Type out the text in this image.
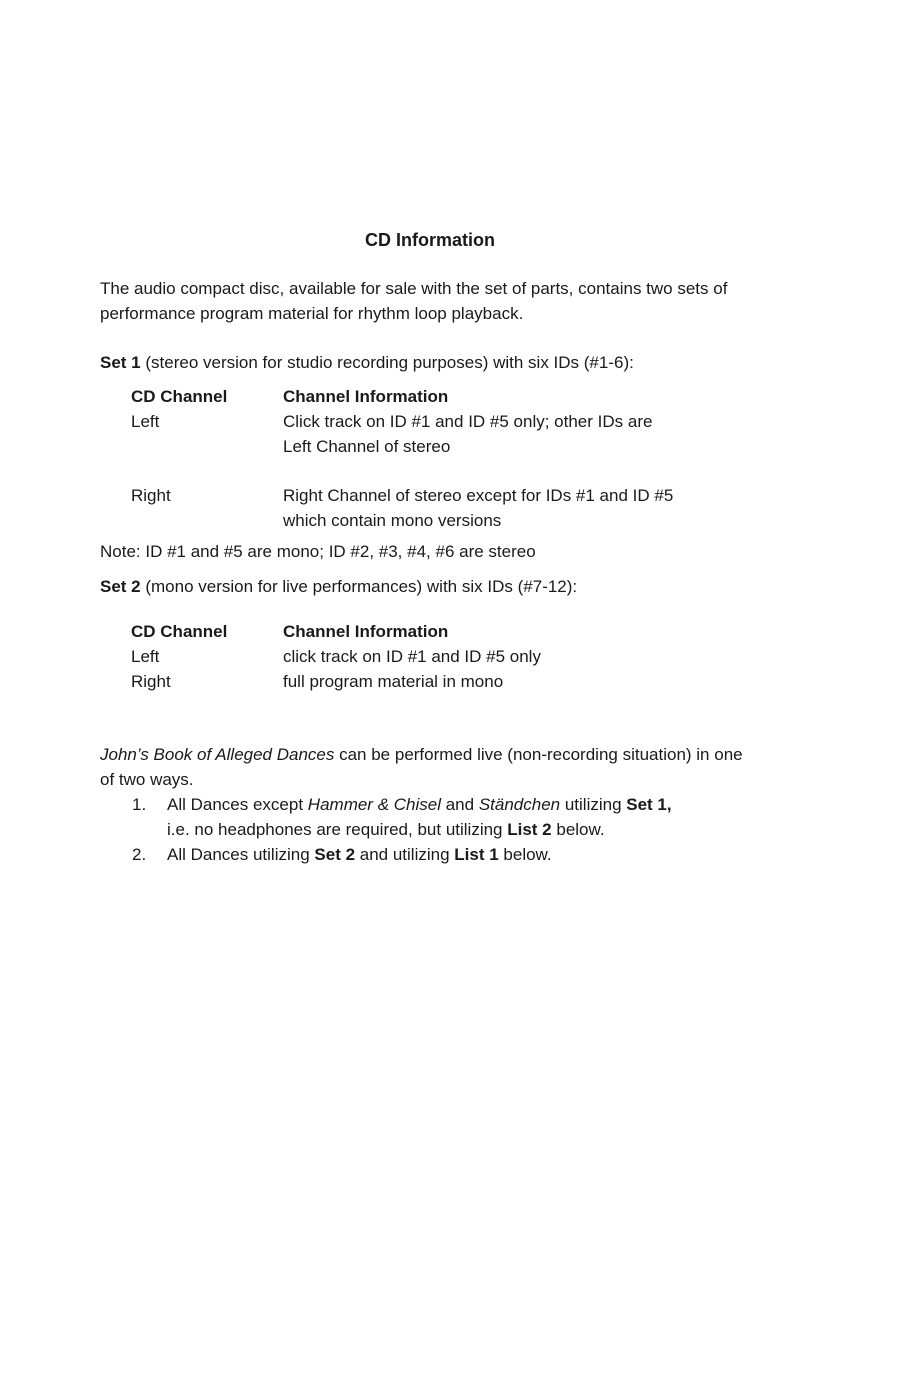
CD Information

The audio compact disc, available for sale with the set of parts, contains two sets of performance program material for rhythm loop playback.

Set 1 (stereo version for studio recording purposes) with six IDs (#1-6):

CD Channel	Channel Information
Left	Click track on ID #1 and ID #5 only; other IDs are
Left Channel of stereo

Right	Right Channel of stereo except for IDs #1 and ID #5
which contain mono versions

Note: ID #1 and #5 are mono; ID #2, #3, #4, #6 are stereo

Set 2 (mono version for live performances) with six IDs (#7-12):

CD Channel	Channel Information
Left	click track on ID #1 and ID #5 only
Right	full program material in mono

John’s Book of Alleged Dances can be performed live (non-recording situation) in one of two ways.

1. All Dances except Hammer & Chisel and Ständchen utilizing Set 1,
i.e. no headphones are required, but utilizing List 2 below.
2. All Dances utilizing Set 2 and utilizing List 1 below.
